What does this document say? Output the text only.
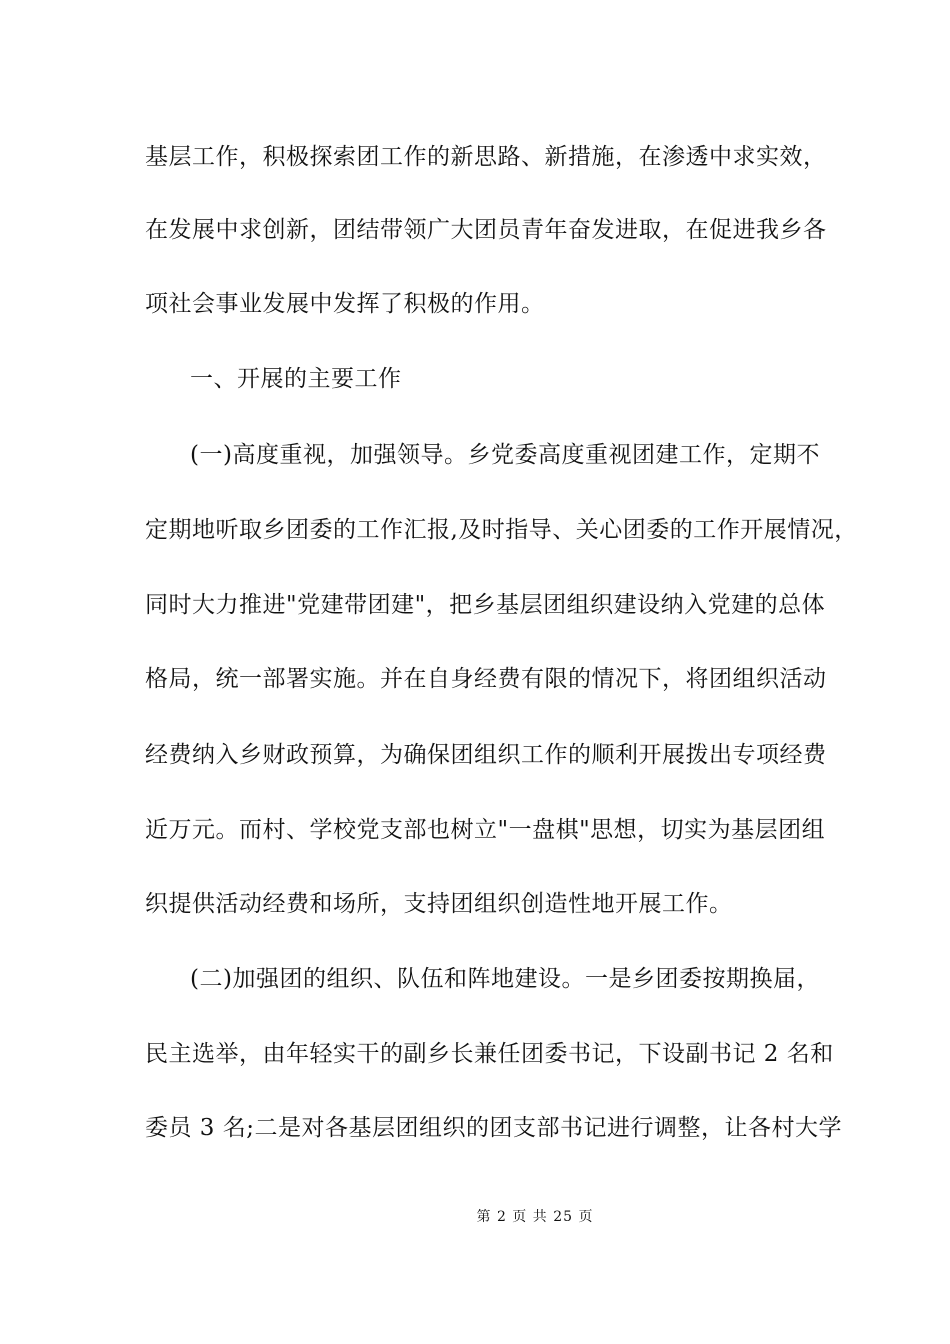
基层工作，积极探索团工作的新思路、新措施，在渗透中求实效，
在发展中求创新，团结带领广大团员青年奋发进取，在促进我乡各
项社会事业发展中发挥了积极的作用。
一、开展的主要工作
(一)高度重视，加强领导。乡党委高度重视团建工作，定期不
定期地听取乡团委的工作汇报,及时指导、关心团委的工作开展情况，
同时大力推进"党建带团建"，把乡基层团组织建设纳入党建的总体
格局，统一部署实施。并在自身经费有限的情况下，将团组织活动
经费纳入乡财政预算，为确保团组织工作的顺利开展拨出专项经费
近万元。而村、学校党支部也树立"一盘棋"思想，切实为基层团组
织提供活动经费和场所，支持团组织创造性地开展工作。
(二)加强团的组织、队伍和阵地建设。一是乡团委按期换届，
民主选举，由年轻实干的副乡长兼任团委书记，下设副书记 2 名和
委员 3 名;二是对各基层团组织的团支部书记进行调整，让各村大学
第 2 页 共 25 页
